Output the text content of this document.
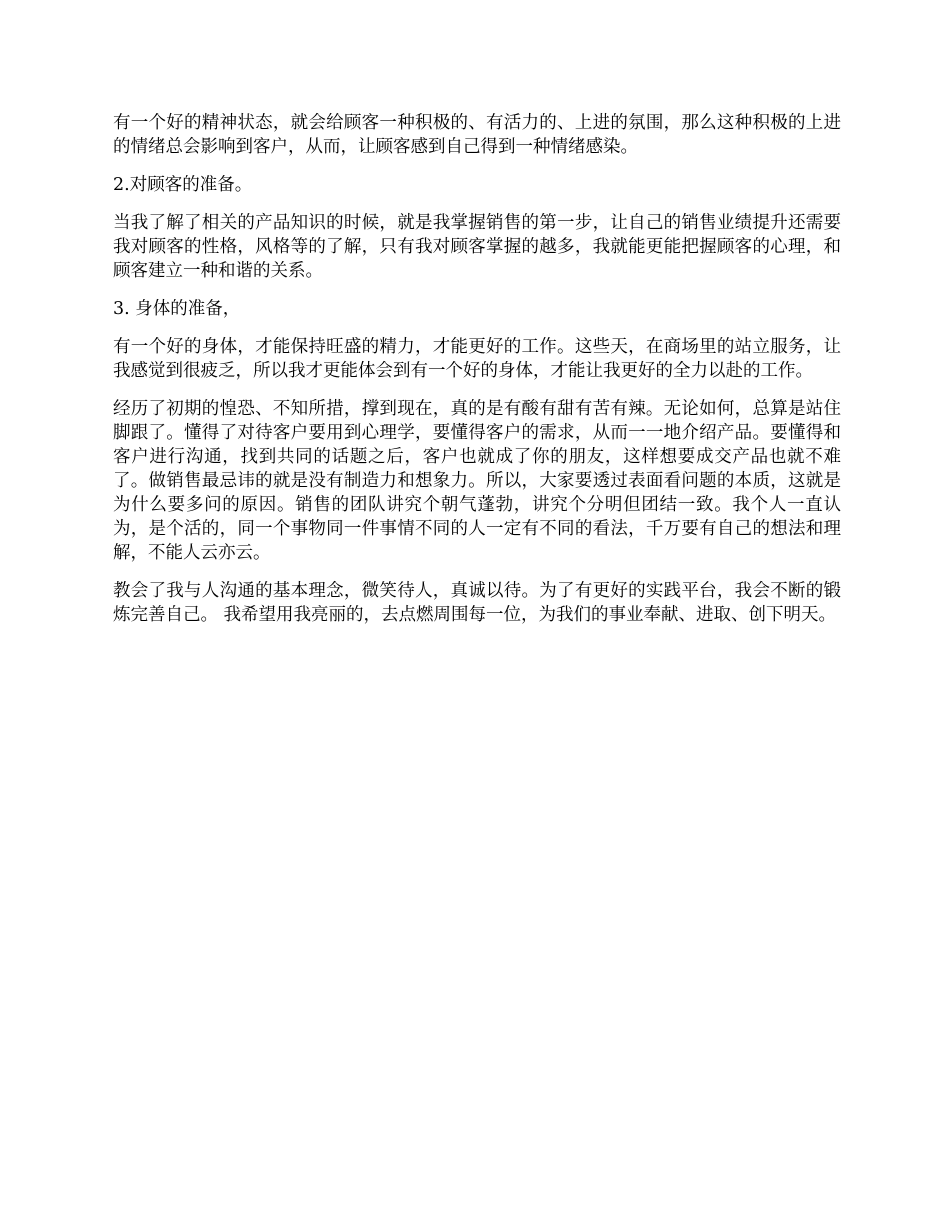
有一个好的精神状态，就会给顾客一种积极的、有活力的、上进的氛围，那么这种积极的上进的情绪总会影响到客户，从而，让顾客感到自己得到一种情绪感染。

2.对顾客的准备。

当我了解了相关的产品知识的时候，就是我掌握销售的第一步，让自己的销售业绩提升还需要我对顾客的性格，风格等的了解，只有我对顾客掌握的越多，我就能更能把握顾客的心理，和顾客建立一种和谐的关系。

3. 身体的准备，

有一个好的身体，才能保持旺盛的精力，才能更好的工作。这些天，在商场里的站立服务，让我感觉到很疲乏，所以我才更能体会到有一个好的身体，才能让我更好的全力以赴的工作。

经历了初期的惶恐、不知所措，撑到现在，真的是有酸有甜有苦有辣。无论如何，总算是站住脚跟了。懂得了对待客户要用到心理学，要懂得客户的需求，从而一一地介绍产品。要懂得和客户进行沟通，找到共同的话题之后，客户也就成了你的朋友，这样想要成交产品也就不难了。做销售最忌讳的就是没有制造力和想象力。所以，大家要透过表面看问题的本质，这就是为什么要多问的原因。销售的团队讲究个朝气蓬勃，讲究个分明但团结一致。我个人一直认为，是个活的，同一个事物同一件事情不同的人一定有不同的看法，千万要有自己的想法和理解，不能人云亦云。

教会了我与人沟通的基本理念，微笑待人，真诚以待。为了有更好的实践平台，我会不断的锻炼完善自己。 我希望用我亮丽的，去点燃周围每一位，为我们的事业奉献、进取、创下明天。
